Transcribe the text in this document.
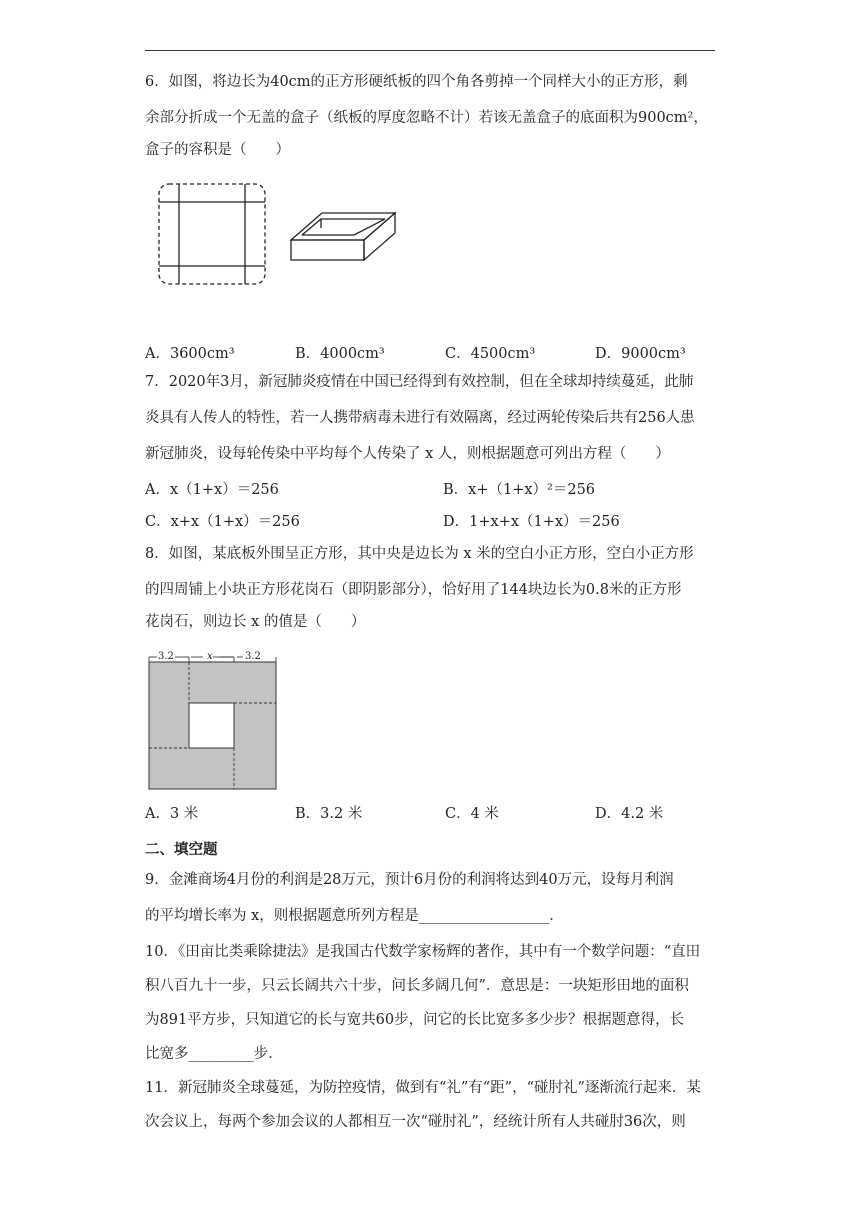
6．如图，将边长为40cm的正方形硬纸板的四个角各剪掉一个同样大小的正方形，剩
余部分折成一个无盖的盒子（纸板的厚度忽略不计）若该无盖盒子的底面积为900cm²，
盒子的容积是（　　）
A．3600cm³	B．4000cm³	C．4500cm³	D．9000cm³
7．2020年3月，新冠肺炎疫情在中国已经得到有效控制，但在全球却持续蔓延，此肺
炎具有人传人的特性，若一人携带病毒未进行有效隔离，经过两轮传染后共有256人患
新冠肺炎，设每轮传染中平均每个人传染了 x 人，则根据题意可列出方程（　　）
A．x（1+x）＝256	B．x+（1+x）²＝256
C．x+x（1+x）＝256	D．1+x+x（1+x）＝256
8．如图，某底板外围呈正方形，其中央是边长为 x 米的空白小正方形，空白小正方形
的四周铺上小块正方形花岗石（即阴影部分），恰好用了144块边长为0.8米的正方形
花岗石，则边长 x 的值是（　　）
3.2	x	3.2
A．3 米	B．3.2 米	C．4 米	D．4.2 米
二、填空题
9．金滩商场4月份的利润是28万元，预计6月份的利润将达到40万元，设每月利润
的平均增长率为 x，则根据题意所列方程是__________________．
10．《田亩比类乘除捷法》是我国古代数学家杨辉的著作，其中有一个数学问题：“直田
积八百九十一步，只云长阔共六十步，问长多阔几何”．意思是：一块矩形田地的面积
为891平方步，只知道它的长与宽共60步，问它的长比宽多多少步？根据题意得，长
比宽多_________步．
11．新冠肺炎全球蔓延，为防控疫情，做到有“礼”有“距”，“碰肘礼”逐渐流行起来．某
次会议上，每两个参加会议的人都相互一次“碰肘礼”，经统计所有人共碰肘36次，则
